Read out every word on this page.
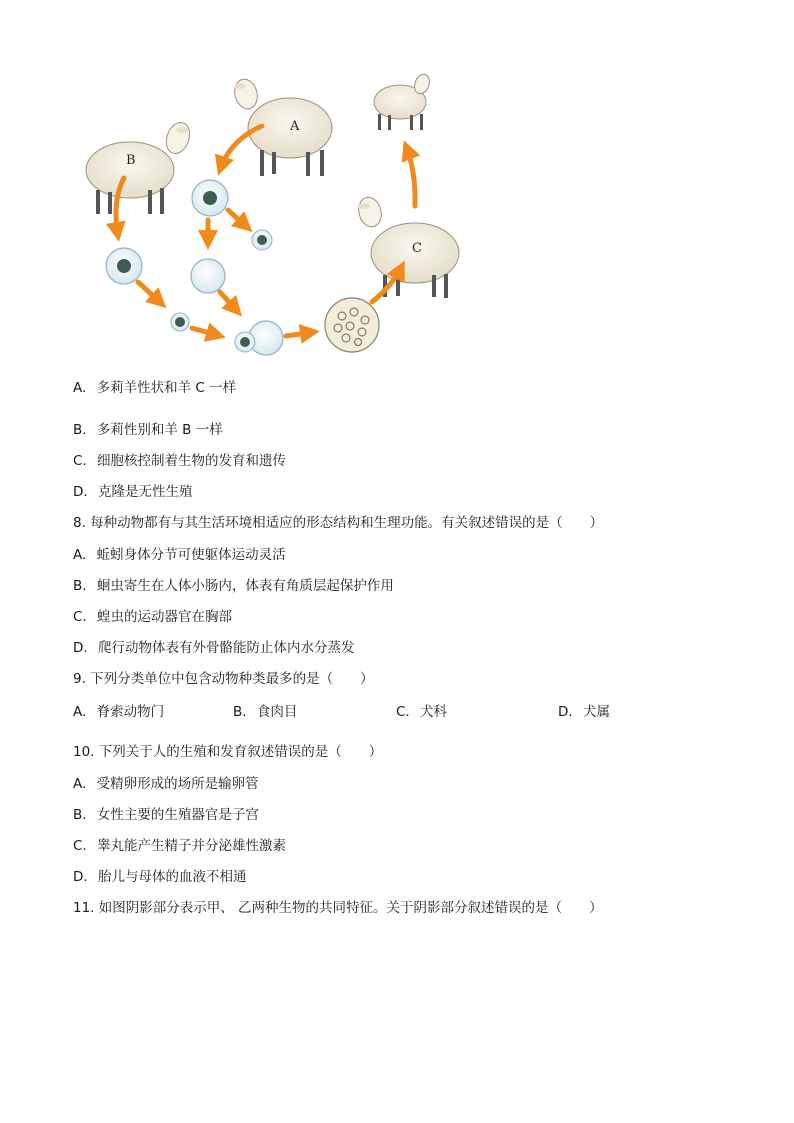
B
A
C
A. 多莉羊性状和羊 C 一样
B. 多莉性别和羊 B 一样
C. 细胞核控制着生物的发育和遗传
D. 克隆是无性生殖
8. 每种动物都有与其生活环境相适应的形态结构和生理功能。有关叙述错误的是（　　）
A. 蚯蚓身体分节可使躯体运动灵活
B. 蛔虫寄生在人体小肠内，体表有角质层起保护作用
C. 蝗虫的运动器官在胸部
D. 爬行动物体表有外骨骼能防止体内水分蒸发
9. 下列分类单位中包含动物种类最多的是（　　）
A. 脊索动物门	B. 食肉目	C. 犬科	D. 犬属
10. 下列关于人的生殖和发育叙述错误的是（　　）
A. 受精卵形成的场所是输卵管
B. 女性主要的生殖器官是子宫
C. 睾丸能产生精子并分泌雄性激素
D. 胎儿与母体的血液不相通
11. 如图阴影部分表示甲、 乙两种生物的共同特征。关于阴影部分叙述错误的是（　　）
